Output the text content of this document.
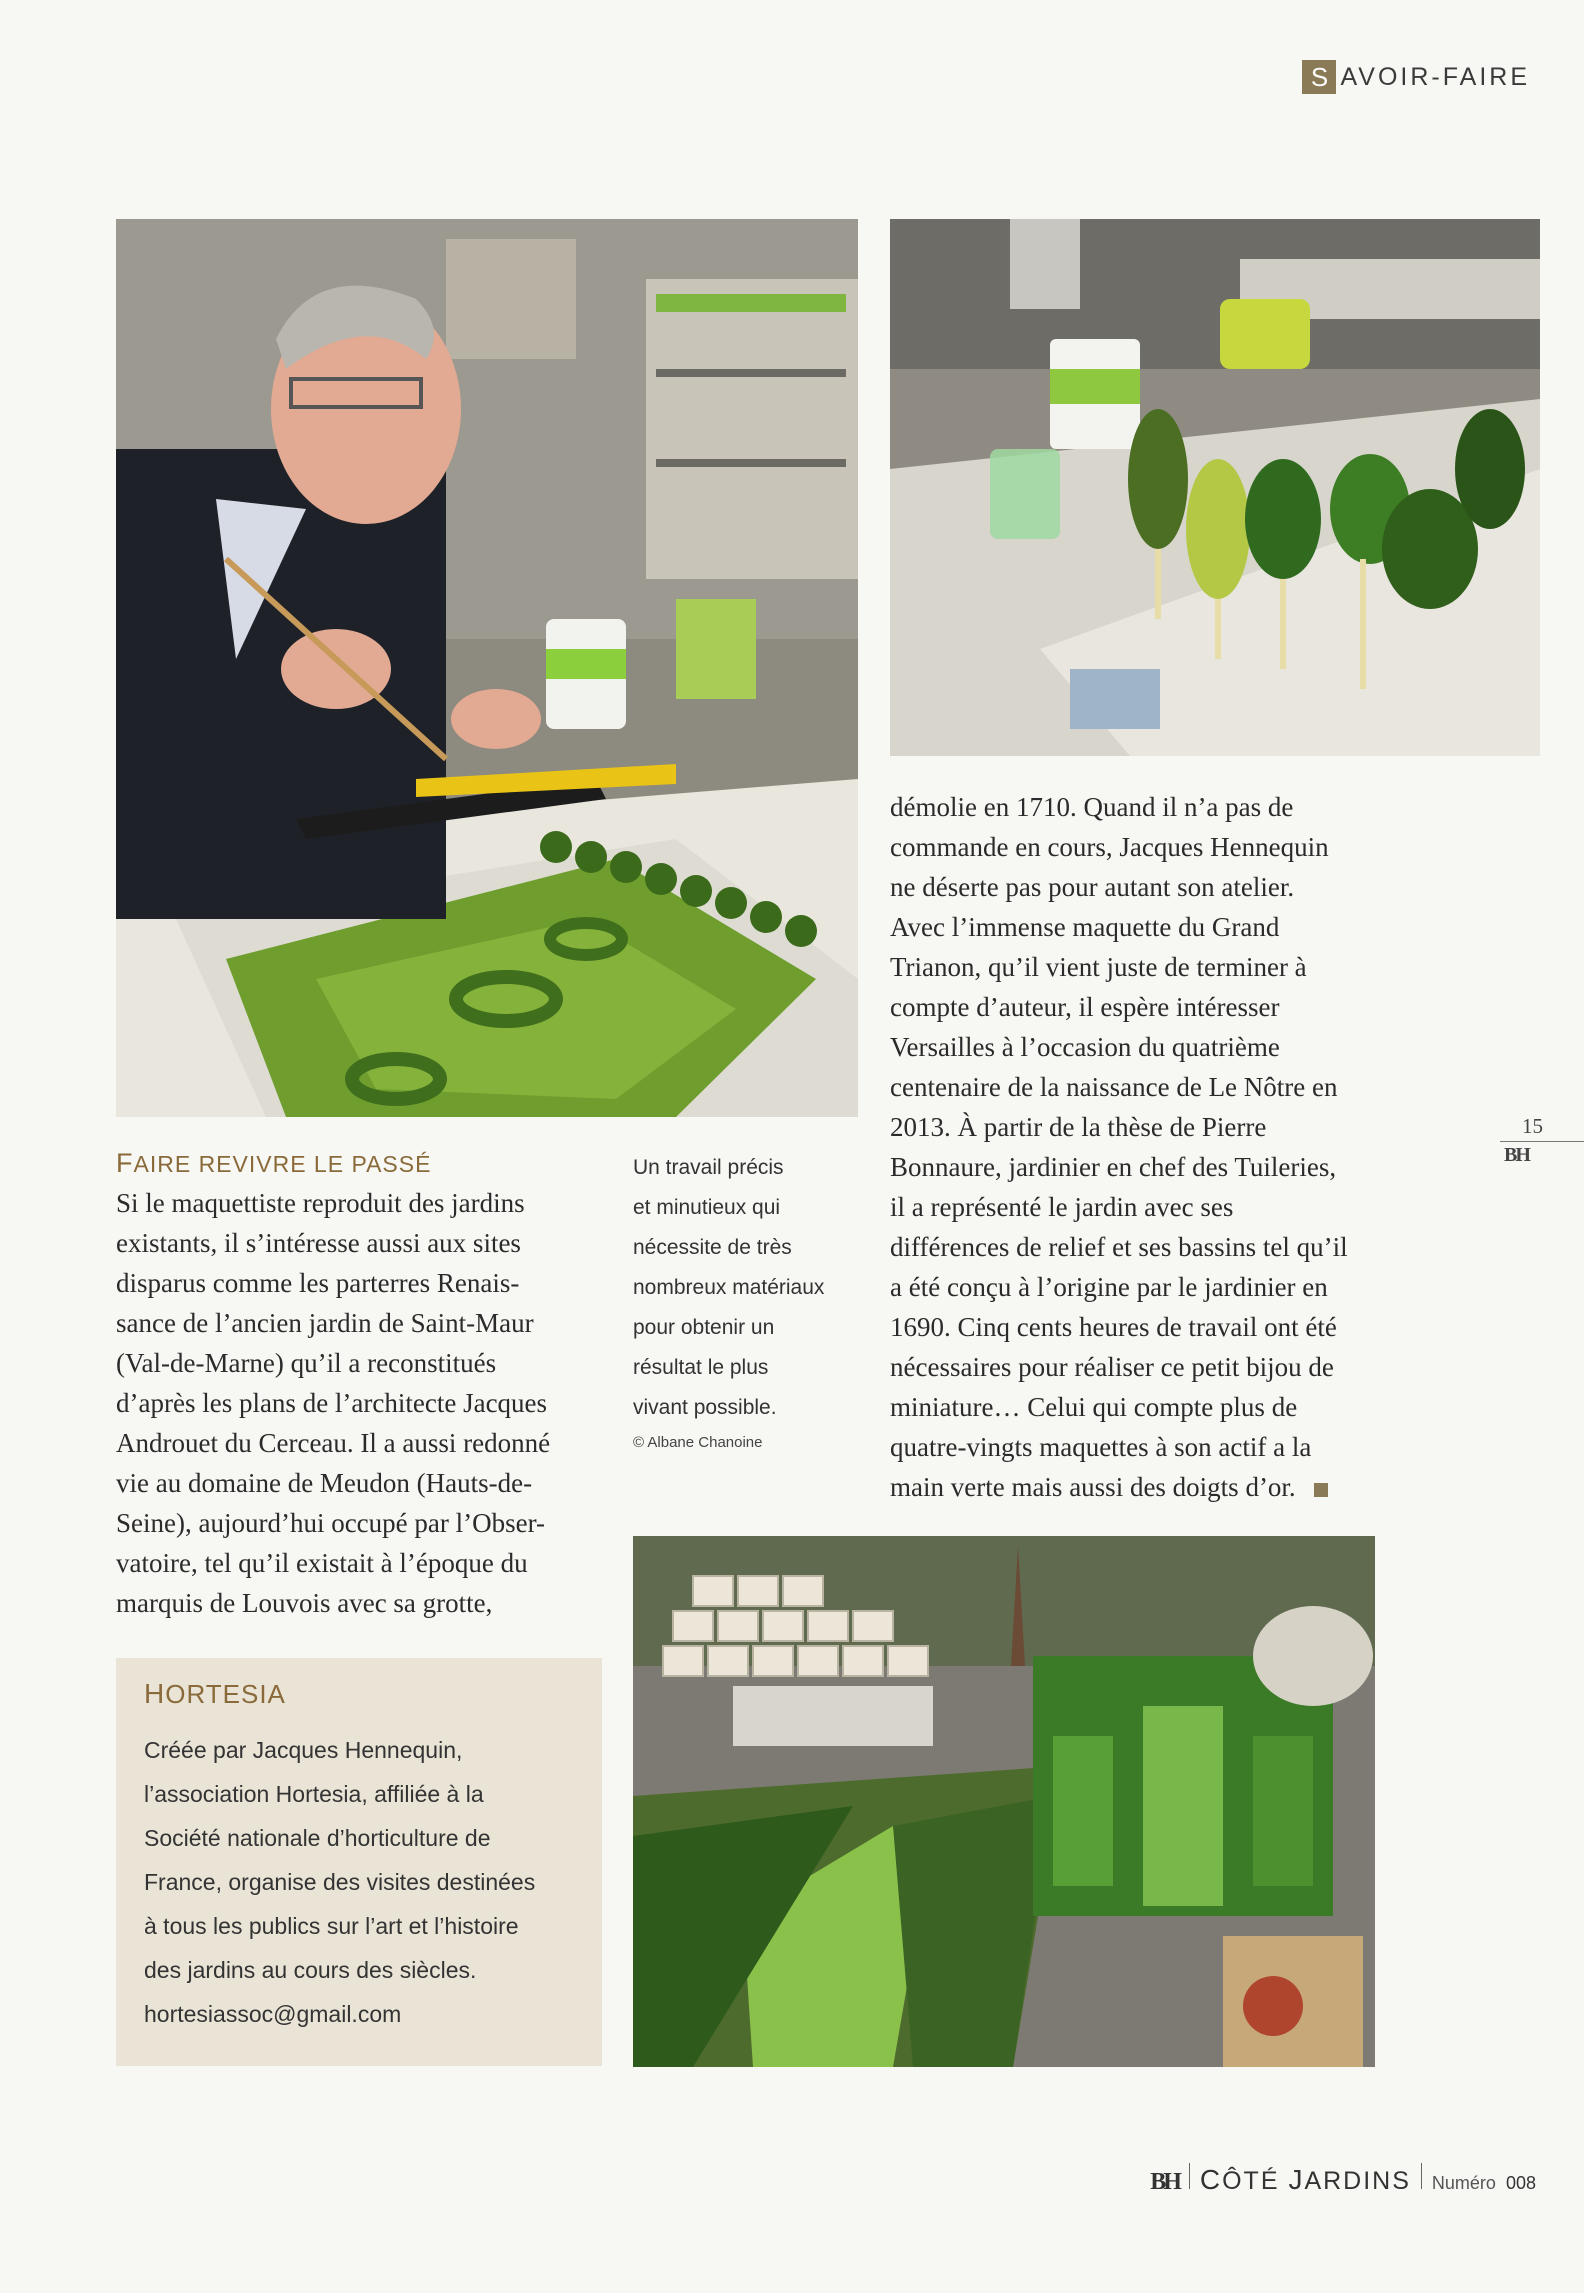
S AVOIR-FAIRE
FAIRE REVIVRE LE PASSÉ

Si le maquettiste reproduit des jardins

existants, il s’intéresse aussi aux sites

disparus comme les parterres Renais-

sance de l’ancien jardin de Saint-Maur

(Val-de-Marne) qu’il a reconstitués

d’après les plans de l’architecte Jacques

Androuet du Cerceau. Il a aussi redonné

vie au domaine de Meudon (Hauts-de-

Seine), aujourd’hui occupé par l’Obser-

vatoire, tel qu’il existait à l’époque du

marquis de Louvois avec sa grotte,

Un travail précis
et minutieux qui
nécessite de très
nombreux matériaux
pour obtenir un
résultat le plus
vivant possible.
© Albane Chanoine

démolie en 1710. Quand il n’a pas de

commande en cours, Jacques Hennequin

ne déserte pas pour autant son atelier.

Avec l’immense maquette du Grand

Trianon, qu’il vient juste de terminer à

compte d’auteur, il espère intéresser

Versailles à l’occasion du quatrième

centenaire de la naissance de Le Nôtre en

2013. À partir de la thèse de Pierre

Bonnaure, jardinier en chef des Tuileries,

il a représenté le jardin avec ses

différences de relief et ses bassins tel qu’il

a été conçu à l’origine par le jardinier en

1690. Cinq cents heures de travail ont été

nécessaires pour réaliser ce petit bijou de

miniature… Celui qui compte plus de

quatre-vingts maquettes à son actif a la

main verte mais aussi des doigts d’or.

15
BH
HORTESIA

Créée par Jacques Hennequin,

l’association Hortesia, affiliée à la

Société nationale d’horticulture de

France, organise des visites destinées

à tous les publics sur l’art et l’histoire

des jardins au cours des siècles.

hortesiassoc@gmail.com
BH CÔTÉ JARDINS Numéro 008
